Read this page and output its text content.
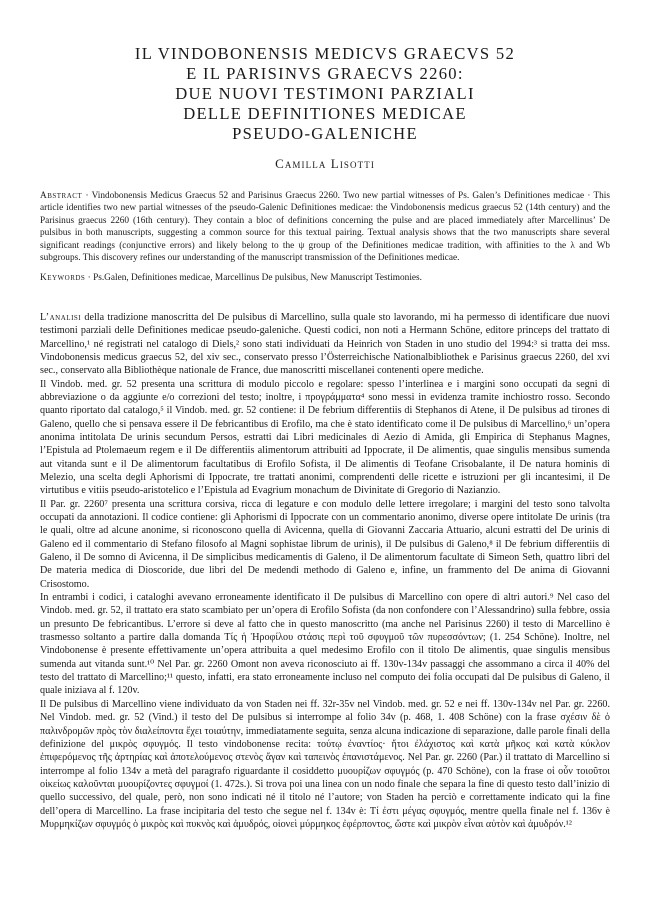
IL VINDOBONENSIS MEDICVS GRAECVS 52
E IL PARISINVS GRAECVS 2260:
DUE NUOVI TESTIMONI PARZIALI
DELLE DEFINITIONES MEDICAE
PSEUDO-GALENICHE
Camilla Lisotti
Abstract · Vindobonensis Medicus Graecus 52 and Parisinus Graecus 2260. Two new partial witnesses of Ps. Galen’s Definitiones medicae · This article identifies two new partial witnesses of the pseudo-Galenic Definitiones medicae: the Vindobonensis medicus graecus 52 (14th century) and the Parisinus graecus 2260 (16th century). They contain a bloc of definitions concerning the pulse and are placed immediately after Marcellinus’ De pulsibus in both manuscripts, suggesting a common source for this textual pairing. Textual analysis shows that the two manuscripts share several significant readings (conjunctive errors) and likely belong to the ψ group of the Definitiones medicae tradition, with affinities to the λ and Wb subgroups. This discovery refines our understanding of the manuscript transmission of the Definitiones medicae.
Keywords · Ps.Galen, Definitiones medicae, Marcellinus De pulsibus, New Manuscript Testimonies.

L’analisi della tradizione manoscritta del De pulsibus di Marcellino, sulla quale sto lavorando, mi ha permesso di identificare due nuovi testimoni parziali delle Definitiones medicae pseudo-galeniche. Questi codici, non noti a Hermann Schöne, editore princeps del trattato di Marcellino,¹ né registrati nel catalogo di Diels,² sono stati individuati da Heinrich von Staden in uno studio del 1994:³ si tratta dei mss. Vindobonensis medicus graecus 52, del xiv sec., conservato presso l’Österreichische Nationalbibliothek e Parisinus graecus 2260, del xvi sec., conservato alla Bibliothèque nationale de France, due manoscritti miscellanei contenenti opere mediche.

Il Vindob. med. gr. 52 presenta una scrittura di modulo piccolo e regolare: spesso l’interlinea e i margini sono occupati da segni di abbreviazione o da aggiunte e/o correzioni del testo; inoltre, i προγράμματα⁴ sono messi in evidenza tramite inchiostro rosso. Secondo quanto riportato dal catalogo,⁵ il Vindob. med. gr. 52 contiene: il De febrium differentiis di Stephanos di Atene, il De pulsibus ad tirones di Galeno, quello che si pensava essere il De febricantibus di Erofilo, ma che è stato identificato come il De pulsibus di Marcellino,⁶ un’opera anonima intitolata De urinis secundum Persos, estratti dai Libri medicinales di Aezio di Amida, gli Empirica di Stephanus Magnes, l’Epistula ad Ptolemaeum regem e il De differentiis alimentorum attribuiti ad Ippocrate, il De alimentis, quae singulis mensibus sumenda aut vitanda sunt e il De alimentorum facultatibus di Erofilo Sofista, il De alimentis di Teofane Crisobalante, il De natura hominis di Melezio, una scelta degli Aphorismi di Ippocrate, tre trattati anonimi, comprendenti delle ricette e istruzioni per gli incantesimi, il De virtutibus e vitiis pseudo-aristotelico e l’Epistula ad Evagrium monachum de Divinitate di Gregorio di Nazianzio.

Il Par. gr. 2260⁷ presenta una scrittura corsiva, ricca di legature e con modulo delle lettere irregolare; i margini del testo sono talvolta occupati da annotazioni. Il codice contiene: gli Aphorismi di Ippocrate con un commentario anonimo, diverse opere intitolate De urinis (tra le quali, oltre ad alcune anonime, si riconoscono quella di Avicenna, quella di Giovanni Zaccaria Attuario, alcuni estratti del De urinis di Galeno ed il commentario di Stefano filosofo al Magni sophistae librum de urinis), il De pulsibus di Galeno,⁸ il De febrium differentiis di Galeno, il De somno di Avicenna, il De simplicibus medicamentis di Galeno, il De alimentorum facultate di Simeon Seth, quattro libri del De materia medica di Dioscoride, due libri del De medendi methodo di Galeno e, infine, un frammento del De anima di Giovanni Crisostomo.

In entrambi i codici, i cataloghi avevano erroneamente identificato il De pulsibus di Marcellino con opere di altri autori.⁹ Nel caso del Vindob. med. gr. 52, il trattato era stato scambiato per un’opera di Erofilo Sofista (da non confondere con l’Alessandrino) sulla febbre, ossia un presunto De febricantibus. L’errore si deve al fatto che in questo manoscritto (ma anche nel Parisinus 2260) il testo di Marcellino è trasmesso soltanto a partire dalla domanda Τίς ἡ Ἡροφίλου στάσις περὶ τοῦ σφυγμοῦ τῶν πυρεσσόντων; (1. 254 Schöne). Inoltre, nel Vindobonense è presente effettivamente un’opera attribuita a quel medesimo Erofilo con il titolo De alimentis, quae singulis mensibus sumenda aut vitanda sunt.¹⁰ Nel Par. gr. 2260 Omont non aveva riconosciuto ai ff. 130v-134v passaggi che assommano a circa il 40% del testo del trattato di Marcellino;¹¹ questo, infatti, era stato erroneamente incluso nel computo dei folia occupati dal De pulsibus di Galeno, il quale iniziava al f. 120v.

Il De pulsibus di Marcellino viene individuato da von Staden nei ff. 32r-35v nel Vindob. med. gr. 52 e nei ff. 130v-134v nel Par. gr. 2260. Nel Vindob. med. gr. 52 (Vind.) il testo del De pulsibus si interrompe al folio 34v (p. 468, 1. 408 Schöne) con la frase σχέσιν δὲ ὁ παλινδρομῶν πρὸς τὸν διαλείποντα ἔχει τοιαύτην, immediatamente seguita, senza alcuna indicazione di separazione, dalle parole finali della definizione del μικρὸς σφυγμός. Il testo vindobonense recita: τούτῳ ἐναντίος· ἤτοι ἐλάχιστος καὶ κατὰ μῆκος καὶ κατὰ κύκλον ἐπιφερόμενος τῆς ἀρτηρίας καὶ ἀποτελούμενος στενὸς ἄγαν καὶ ταπεινὸς ἐπανιστάμενος. Nel Par. gr. 2260 (Par.) il trattato di Marcellino si interrompe al folio 134v a metà del paragrafo riguardante il cosiddetto μυουρίζων σφυγμός (p. 470 Schöne), con la frase οἱ οὖν τοιοῦτοι οἰκείως καλοῦνται μυουρίζοντες σφυγμοί (1. 472s.). Si trova poi una linea con un nodo finale che separa la fine di questo testo dall’inizio di quello successivo, del quale, però, non sono indicati né il titolo né l’autore; von Staden ha perciò e correttamente indicato qui la fine dell’opera di Marcellino. La frase incipitaria del testo che segue nel f. 134v è: Τί ἐστι μέγας σφυγμός, mentre quella finale nel f. 136v è Μυρμηκίζων σφυγμός ὁ μικρὸς καὶ πυκνὸς καὶ ἀμυδρός, οἱονεὶ μύρμηκος ἐφέρποντος, ὥστε καὶ μικρὸν εἶναι αὐτὸν καὶ ἀμυδρόν.¹²
